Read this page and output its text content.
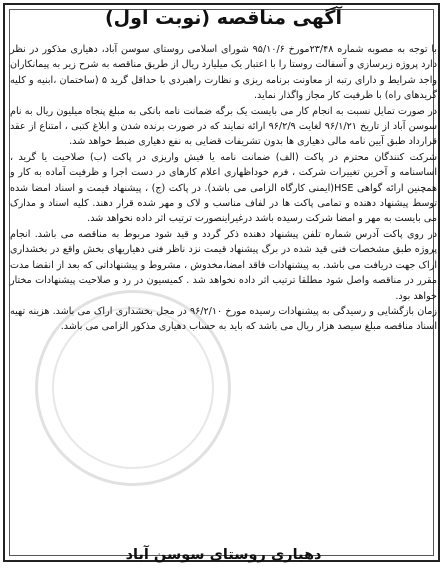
آگهی مناقصه (نوبت اول)

با توجه به مصوبه شماره ۲۳/۴۸مورخ ۹۵/۱۰/۶ شورای اسلامی روستای سوسن آباد، دهیاری مذکور در نظر دارد پروژه زیرسازی و آسفالت روستا را با اعتبار یک میلیارد ریال از طریق مناقصه به شرح زیر به پیمانکاران واجد شرایط و دارای رتبه از معاونت برنامه ریزی و نظارت راهبردی با حداقل گرید ۵ (ساختمان ،ابنیه و کلیه گریدهای راه) با ظرفیت کار مجاز واگذار نماید.

در صورت تمایل نسبت به انجام کار می بایست یک برگه ضمانت نامه بانکی به مبلغ پنجاه میلیون ریال به نام سوسن آباد از تاریخ ۹۶/۱/۲۱ لغایت ۹۶/۲/۹ ارائه نمایند که در صورت برنده شدن و ابلاغ کتبی ، امتناع از عقد قرارداد طبق آیین نامه مالی دهیاری ها بدون تشریفات قضایی به نفع دهیاری ضبط خواهد شد.

شرکت کنندگان محترم در پاکت (الف) ضمانت نامه یا فیش واریزی در پاکت (ب) صلاحیت یا گرید ، اساسنامه و آخرین تغییرات شرکت ، فرم خوداظهاری اعلام کارهای در دست اجرا و ظرفیت آماده به کار و همچنین ارائه گواهی HSE(ایمنی کارگاه الزامی می باشد). در پاکت (ج) ، پیشنهاد قیمت و اسناد امضا شده توسط پیشنهاد دهنده و تمامی پاکت ها در لفاف مناسب و لاک و مهر شده قرار دهند. کلیه اسناد و مدارک می بایست به مهر و امضا شرکت رسیده باشد درغیراینصورت ترتیب اثر داده نخواهد شد.

در روی پاکت آدرس شماره تلفن پیشنهاد دهنده ذکر گردد و قید شود مربوط به مناقصه می باشد. انجام پروژه طبق مشخصات فنی قید شده در برگ پیشنهاد قیمت نزد ناظر فنی دهیاریهای بخش واقع در بخشداری اراک جهت دریافت می باشد. به پیشنهادات فاقد امضا،مخدوش ، مشروط و پیشنهاداتی که بعد از انقضا مدت مقرر در مناقصه واصل شود مطلقا ترتیب اثر داده نخواهد شد . کمیسیون در رد و صلاحیت پیشنهادات مختار خواهد بود.

زمان بازگشایی و رسیدگی به پیشنهادات رسیده مورخ ۹۶/۲/۱۰ در محل بخشداری اراک می باشد. هزینه تهیه اسناد مناقصه مبلغ سیصد هزار ریال می باشد که باید به حساب دهیاری مذکور الزامی می باشد.

دهیاری روستای سوسن آباد
